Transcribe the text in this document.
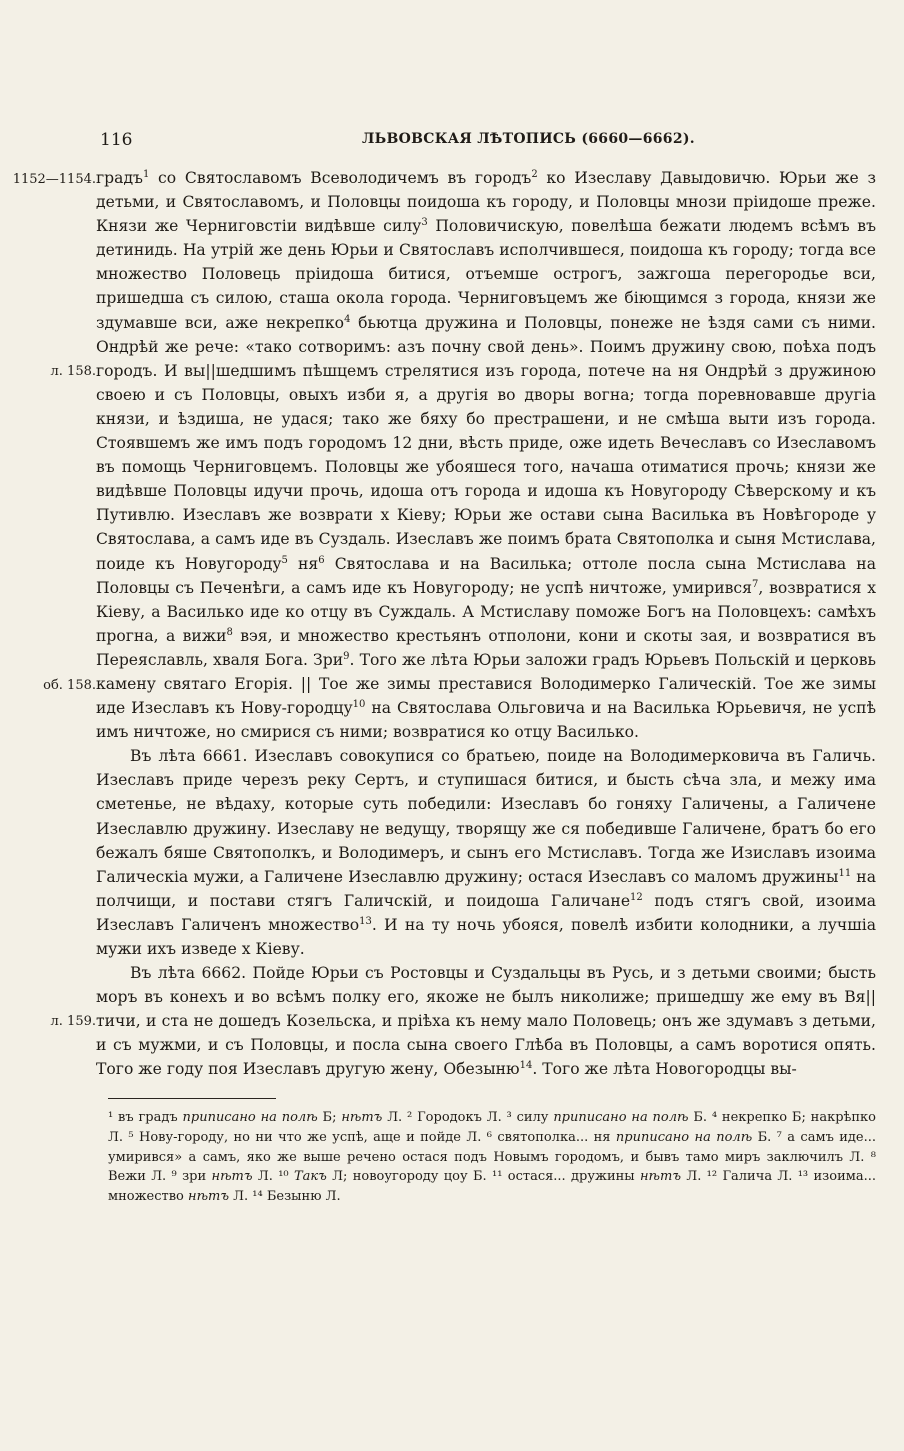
116	ЛЬВОВСКАЯ ЛѢТОПИСЬ (6660—6662).
1152—1154.
л. 158.
об. 158.
л. 159.

градъ$^1$ со Святославомъ Всеволодичемъ въ городъ$^2$ ко Изеславу Давыдовичю. Юрьи же з детьми, и Святославомъ, и Половцы поидоша къ городу, и Половцы мнози пріидоше преже. Князи же Черниговстіи видѣвше силу$^3$ Половичискую, повелѣша бежати людемъ всѣмъ въ детинидь. На утрій же день Юрьи и Святославъ исполчившеся, поидоша къ городу; тогда все множество Половець пріидоша битися, отъемше острогъ, зажгоша перегородье вси, пришедша съ силою, сташа окола города. Черниговъцемъ же біющимся з города, князи же здумавше вси, аже некрепко$^4$ бьютца дружина и Половцы, понеже не ѣздя сами съ ними. Ондрѣй же рече: «тако сотворимъ: азъ почну свой день». Поимъ дружину свою, поѣха подъ городъ. И вы||шедшимъ пѣшцемъ стрелятися изъ города, потече на ня Ондрѣй з дружиною своею и съ Половцы, овыхъ изби я, а другія во дворы вогна; тогда поревновавше другіа князи, и ѣздиша, не удася; тако же бяху бо престрашени, и не смѣша выти изъ города. Стоявшемъ же имъ подъ городомъ 12 дни, вѣсть приде, оже идеть Вечеславъ со Изеславомъ въ помощь Черниговцемъ. Половцы же убояшеся того, начаша отиматися прочь; князи же видѣвше Половцы идучи прочь, идоша отъ города и идоша къ Новугороду Сѣверскому и къ Путивлю. Изеславъ же возврати х Кіеву; Юрьи же остави сына Василька въ Новѣгороде у Святослава, а самъ иде въ Суздаль. Изеславъ же поимъ брата Святополка и сыня Мстислава, поиде къ Новугороду$^5$ $ня^6$ Святослава и на Василька; оттоле посла сына Мстислава на Половцы съ Печенѣги, а самъ иде къ Новугороду; не успѣ ничтоже, умирився$^7$, возвратися х Кіеву, а Василько иде ко отцу въ Суждаль. А Мстиславу поможе Богъ на Половцехъ: самѣхъ прогна, а вижи$^8$ вэя, и множество крестьянъ отполони, кони и скоты зая, и возвратися въ Переяславль, хваля Бога. Зри$^9$. Того же лѣта Юрьи заложи градъ Юрьевъ Польскій и церковь камену святаго Егорія. || Тое же зимы преставися Володимерко Галическій. Тое же зимы иде Изеславъ къ Нову-городцу$^{10}$ на Святослава Ольговича и на Василька Юрьевичя, не успѣ имъ ничтоже, но смирися съ ними; возвратися ко отцу Василько.

Въ лѣта 6661. Изеславъ совокупися со братьею, поиде на Володимерковича въ Галичь. Изеславъ приде черезъ реку Сертъ, и ступишася битися, и бысть сѣча зла, и межу има сметенье, не вѣдаху, которые суть победили: Изеславъ бо гоняху Галичены, а Галичене Изеславлю дружину. Изеславу не ведущу, творящу же ся победивше Галичене, братъ бо его бежалъ бяше Святополкъ, и Володимеръ, и сынъ его Мстиславъ. Тогда же Изиславъ изоима Галическіа мужи, а Галичене Изеславлю дружину; остася Изеславъ со маломъ дружины$^{11}$ на полчищи, и постави стягъ Галичскій, и поидоша Галичане$^{12}$ подъ стягъ свой, изоима Изеславъ Галиченъ множество$^{13}$. И на ту ночь убояся, повелѣ избити колодники, а лучшіа мужи ихъ изведе х Кіеву.

Въ лѣта 6662. Пойде Юрьи съ Ростовцы и Суздальцы въ Русь, и з детьми своими; бысть моръ въ конехъ и во всѣмъ полку его, якоже не былъ николиже; пришедшу же ему въ Вя||тичи, и ста не дошедъ Козельска, и пріѣха къ нему мало Половець; онъ же здумавъ з детьми, и съ мужми, и съ Половцы, и посла сына своего Глѣба въ Половцы, а самъ воротися опять. Того же году поя Изеславъ другую жену, Обезыню$^{14}$. Того же лѣта Новогородцы вы-

¹ въ градъ приписано на полѣ Б; нѣтъ Л. ² Городокъ Л. ³ силу приписано на полѣ Б. ⁴ некрепко Б; накрѣпко Л. ⁵ Нову-городу, но ни что же успѣ, аще и пойде Л. ⁶ святополка... ня приписано на полѣ Б. ⁷ а самъ иде... умирився» а самъ, яко же выше речено остася подъ Новымъ городомъ, и бывъ тамо миръ заключилъ Л. ⁸ Вежи Л. ⁹ зри нѣтъ Л. ¹⁰ Такъ Л; новоугороду цоу Б. ¹¹ остася... дружины нѣтъ Л. ¹² Галича Л. ¹³ изоима... множество нѣтъ Л. ¹⁴ Безыню Л.
